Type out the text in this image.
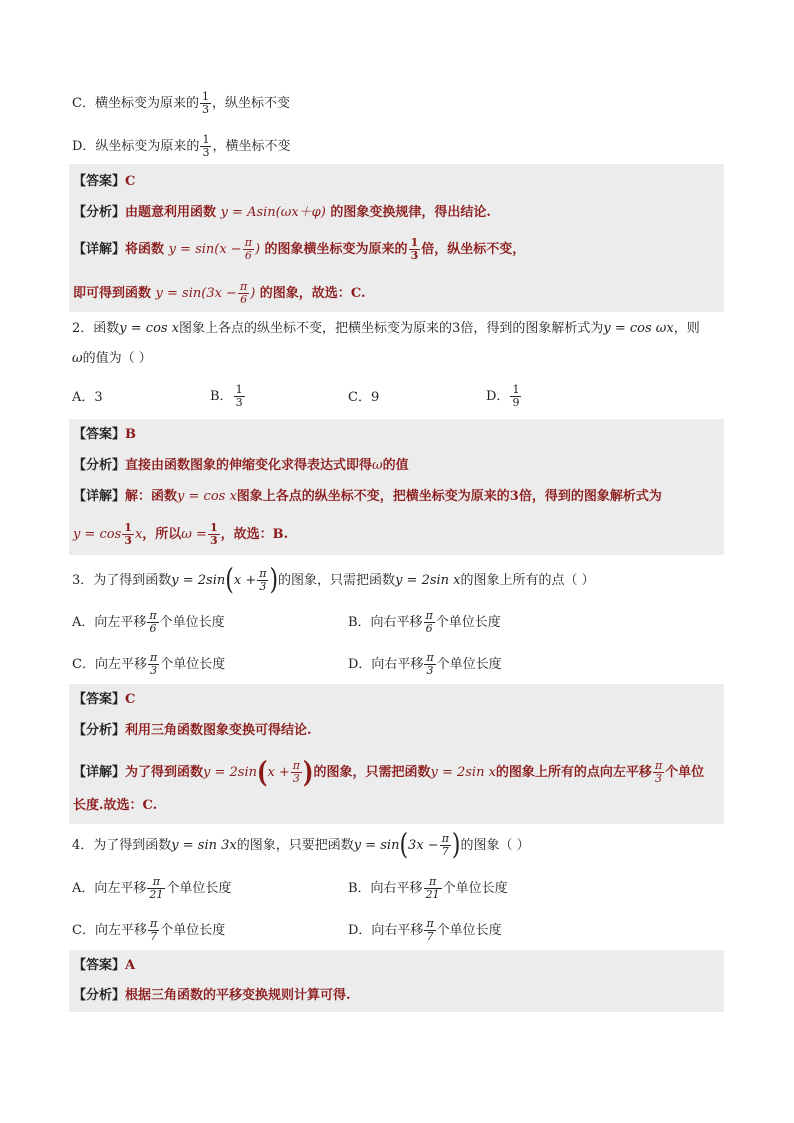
C．横坐标变为原来的 $\frac{1}{3}$ ，纵坐标不变
D．纵坐标变为原来的 $\frac{1}{3}$ ，横坐标不变
【答案】C
【分析】由题意利用函数 y = Asin(ωx＋φ) 的图象变换规律，得出结论.
【详解】将函数 $y = \sin(x - \frac{\pi}{6}$ ) 的图象横坐标变为原来的 $\frac{1}{3}$ 倍，纵坐标不变，
即可得到函数 $y = \sin(3x - \frac{\pi}{6}$ ) 的图象，故选：C.
2．函数y = cos x图象上各点的纵坐标不变，把横坐标变为原来的3倍，得到的图象解析式为y = cos ωx，则
ω的值为（ ）
A．3	B． $\frac{1}{3}$	C．9	D． $\frac{1}{9}$
【答案】B
【分析】直接由函数图象的伸缩变化求得表达式即得ω的值
【详解】解：函数y = cos x图象上各点的纵坐标不变，把横坐标变为原来的3倍，得到的图象解析式为
$y = \cos \frac{1}{3}$ x，所以$\omega = \frac{1}{3}$ ，故选：B.
3．为了得到函数$y = 2\sin(x + \frac{\pi}{3}$ )的图象，只需把函数y = 2sin x的图象上所有的点（ ）
A．向左平移 $\frac{\pi}{6}$ 个单位长度	B．向右平移 $\frac{\pi}{6}$ 个单位长度
C．向左平移 $\frac{\pi}{3}$ 个单位长度	D．向右平移 $\frac{\pi}{3}$ 个单位长度
【答案】C
【分析】利用三角函数图象变换可得结论.
【详解】为了得到函数$y = 2\sin(x + \frac{\pi}{3}$ )的图象，只需把函数y = 2sin x的图象上所有的点向左平移 $\frac{\pi}{3}$ 个单位
长度.故选：C.
4．为了得到函数y = sin 3x的图象，只要把函数$y = \sin(3x - \frac{\pi}{7}$ )的图象（ ）
A．向左平移 $\frac{\pi}{21}$ 个单位长度	B．向右平移 $\frac{\pi}{21}$ 个单位长度
C．向左平移 $\frac{\pi}{7}$ 个单位长度	D．向右平移 $\frac{\pi}{7}$ 个单位长度
【答案】A
【分析】根据三角函数的平移变换规则计算可得.
